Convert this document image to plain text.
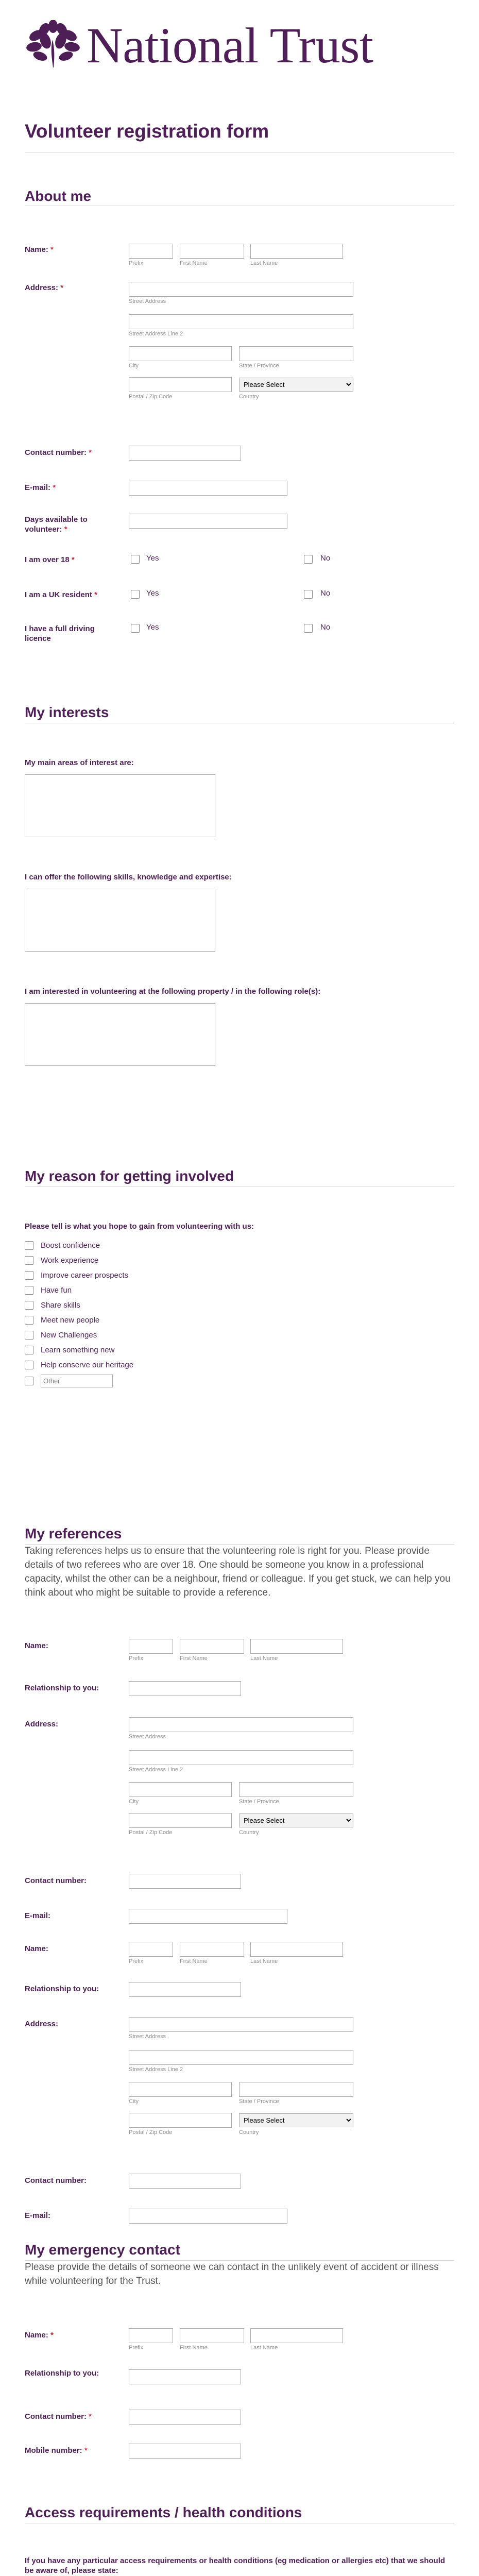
National Trust
Volunteer registration form
About me
Name: *
Prefix	First Name	Last Name
Address: *
Street Address
Street Address Line 2
City	State / Province
Please Select
Postal / Zip Code	Country
Contact number: *
E-mail: *
Days available to volunteer: *
I am over 18 *	Yes	No
I am a UK resident *	Yes	No
I have a full driving licence
Yes	No
My interests
My main areas of interest are:
I can offer the following skills, knowledge and expertise:
I am interested in volunteering at the following property / in the following role(s):
My reason for getting involved
Please tell is what you hope to gain from volunteering with us:
Boost confidence
Work experience
Improve career prospects
Have fun
Share skills
Meet new people
New Challenges
Learn something new
Help conserve our heritage
Other
My references
Taking references helps us to ensure that the volunteering role is right for you. Please provide details of two referees who are over 18. One should be someone you know in a professional capacity, whilst the other can be a neighbour, friend or colleague. If you get stuck, we can help you think about who might be suitable to provide a reference.
Name:
Prefix	First Name	Last Name
Relationship to you:
Address:
Street Address
Street Address Line 2
City	State / Province
Please Select
Postal / Zip Code	Country
Contact number:
E-mail:
Name:
Prefix	First Name	Last Name
Relationship to you:
Address:
Street Address
Street Address Line 2
City	State / Province
Please Select
Postal / Zip Code	Country
Contact number:
E-mail:
My emergency contact
Please provide the details of someone we can contact in the unlikely event of accident or illness while volunteering for the Trust.
Name: *
Prefix	First Name	Last Name
Relationship to you:
Contact number: *
Mobile number: *
Access requirements / health conditions
If you have any particular access requirements or health conditions (eg medication or allergies etc) that we should be aware of, please state:
